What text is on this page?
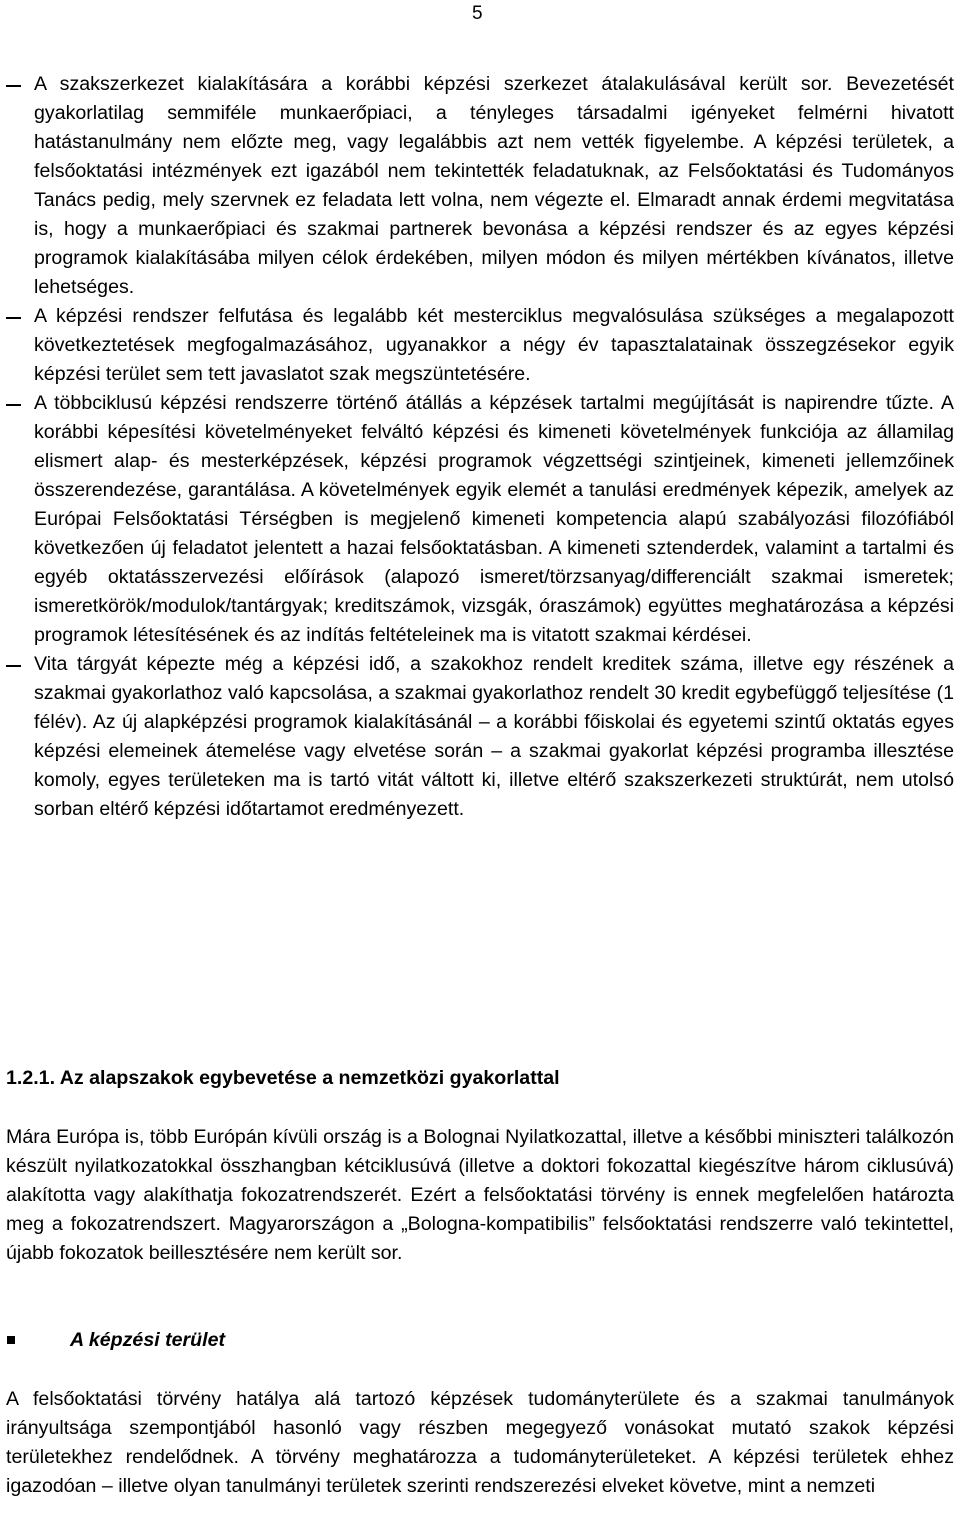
5

A szakszerkezet kialakítására a korábbi képzési szerkezet átalakulásával került sor. Bevezetését gyakorlatilag semmiféle munkaerőpiaci, a tényleges társadalmi igényeket felmérni hivatott hatástanulmány nem előzte meg, vagy legalábbis azt nem vették figyelembe. A képzési területek, a felsőoktatási intézmények ezt igazából nem tekintették feladatuknak, az Felsőoktatási és Tudományos Tanács pedig, mely szervnek ez feladata lett volna, nem végezte el. Elmaradt annak érdemi megvitatása is, hogy a munkaerőpiaci és szakmai partnerek bevonása a képzési rendszer és az egyes képzési programok kialakításába milyen célok érdekében, milyen módon és milyen mértékben kívánatos, illetve lehetséges.

A képzési rendszer felfutása és legalább két mesterciklus megvalósulása szükséges a megalapozott következtetések megfogalmazásához, ugyanakkor a négy év tapasztalatainak összegzésekor egyik képzési terület sem tett javaslatot szak megszüntetésére.

A többciklusú képzési rendszerre történő átállás a képzések tartalmi megújítását is napirendre tűzte. A korábbi képesítési követelményeket felváltó képzési és kimeneti követelmények funkciója az államilag elismert alap- és mesterképzések, képzési programok végzettségi szintjeinek, kimeneti jellemzőinek összerendezése, garantálása. A követelmények egyik elemét a tanulási eredmények képezik, amelyek az Európai Felsőoktatási Térségben is megjelenő kimeneti kompetencia alapú szabályozási filozófiából következően új feladatot jelentett a hazai felsőoktatásban. A kimeneti sztenderdek, valamint a tartalmi és egyéb oktatásszervezési előírások (alapozó ismeret/törzsanyag/differenciált szakmai ismeretek; ismeretkörök/modulok/tantárgyak; kreditszámok, vizsgák, óraszámok) együttes meghatározása a képzési programok létesítésének és az indítás feltételeinek ma is vitatott szakmai kérdései.

Vita tárgyát képezte még a képzési idő, a szakokhoz rendelt kreditek száma, illetve egy részének a szakmai gyakorlathoz való kapcsolása, a szakmai gyakorlathoz rendelt 30 kredit egybefüggő teljesítése (1 félév). Az új alapképzési programok kialakításánál – a korábbi főiskolai és egyetemi szintű oktatás egyes képzési elemeinek átemelése vagy elvetése során – a szakmai gyakorlat képzési programba illesztése komoly, egyes területeken ma is tartó vitát váltott ki, illetve eltérő szakszerkezeti struktúrát, nem utolsó sorban eltérő képzési időtartamot eredményezett.

1.2.1. Az alapszakok egybevetése a nemzetközi gyakorlattal

Mára Európa is, több Európán kívüli ország is a Bolognai Nyilatkozattal, illetve a későbbi miniszteri találkozón készült nyilatkozatokkal összhangban kétciklusúvá (illetve a doktori fokozattal kiegészítve három ciklusúvá) alakította vagy alakíthatja fokozatrendszerét. Ezért a felsőoktatási törvény is ennek megfelelően határozta meg a fokozatrendszert. Magyarországon a „Bologna-kompatibilis” felsőoktatási rendszerre való tekintettel, újabb fokozatok beillesztésére nem került sor.

A képzési terület

A felsőoktatási törvény hatálya alá tartozó képzések tudományterülete és a szakmai tanulmányok irányultsága szempontjából hasonló vagy részben megegyező vonásokat mutató szakok képzési területekhez rendelődnek. A törvény meghatározza a tudományterületeket. A képzési területek ehhez igazodóan – illetve olyan tanulmányi területek szerinti rendszerezési elveket követve, mint a nemzeti
